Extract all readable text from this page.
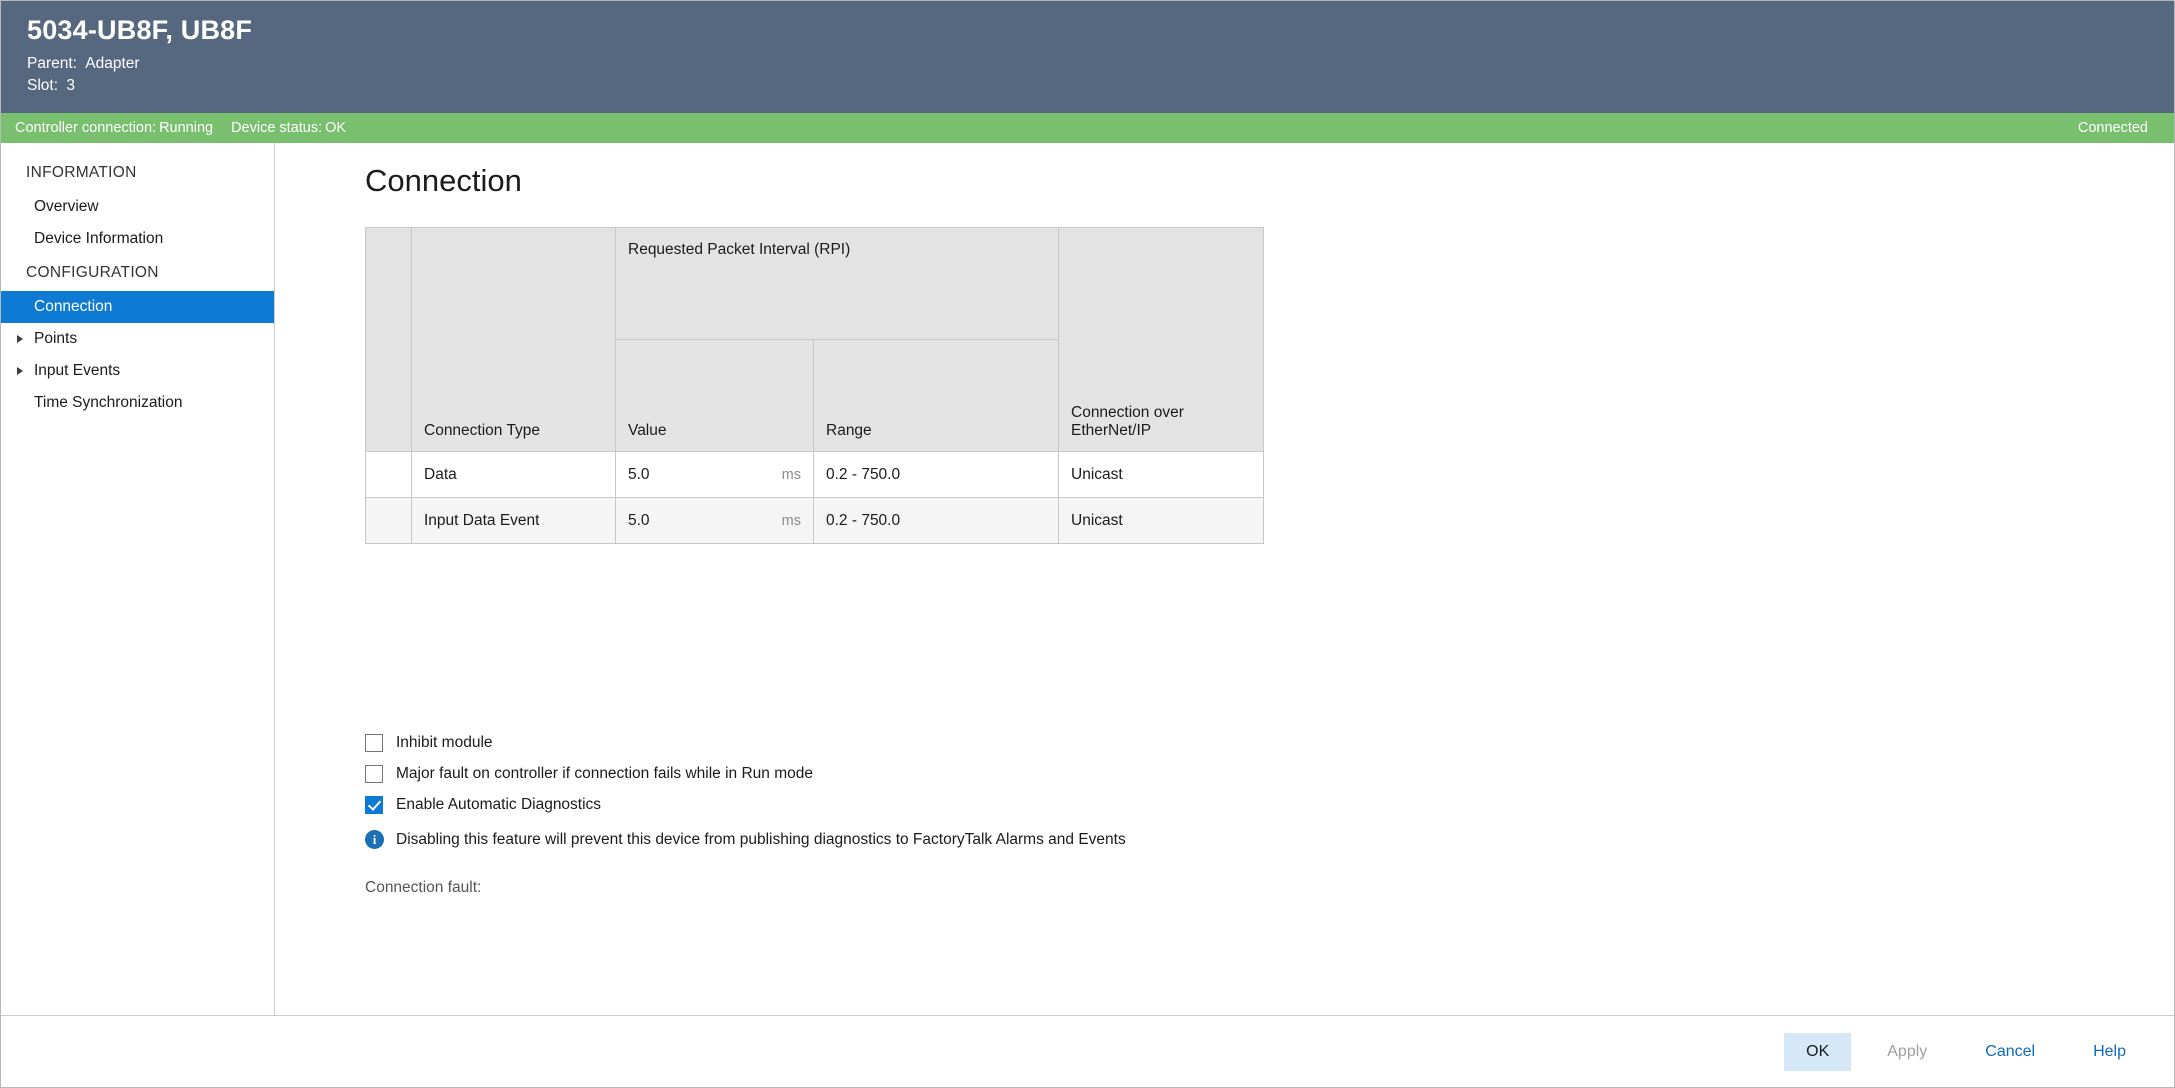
5034-UB8F, UB8F
Parent: Adapter
Slot: 3
Controller connection: Running Device status: OK	Connected
INFORMATION
Overview
Device Information
CONFIGURATION
Connection
Points
Input Events
Time Synchronization
Connection
	Connection Type	Requested Packet Interval (RPI)		Connection over EtherNet/IP
		Value	Range	
	Data	5.0 ms	0.2 - 750.0	Unicast
	Input Data Event	5.0 ms	0.2 - 750.0	Unicast
Inhibit module
Major fault on controller if connection fails while in Run mode
Enable Automatic Diagnostics
i	Disabling this feature will prevent this device from publishing diagnostics to FactoryTalk Alarms and Events
Connection fault:
OK	Apply	Cancel	Help
